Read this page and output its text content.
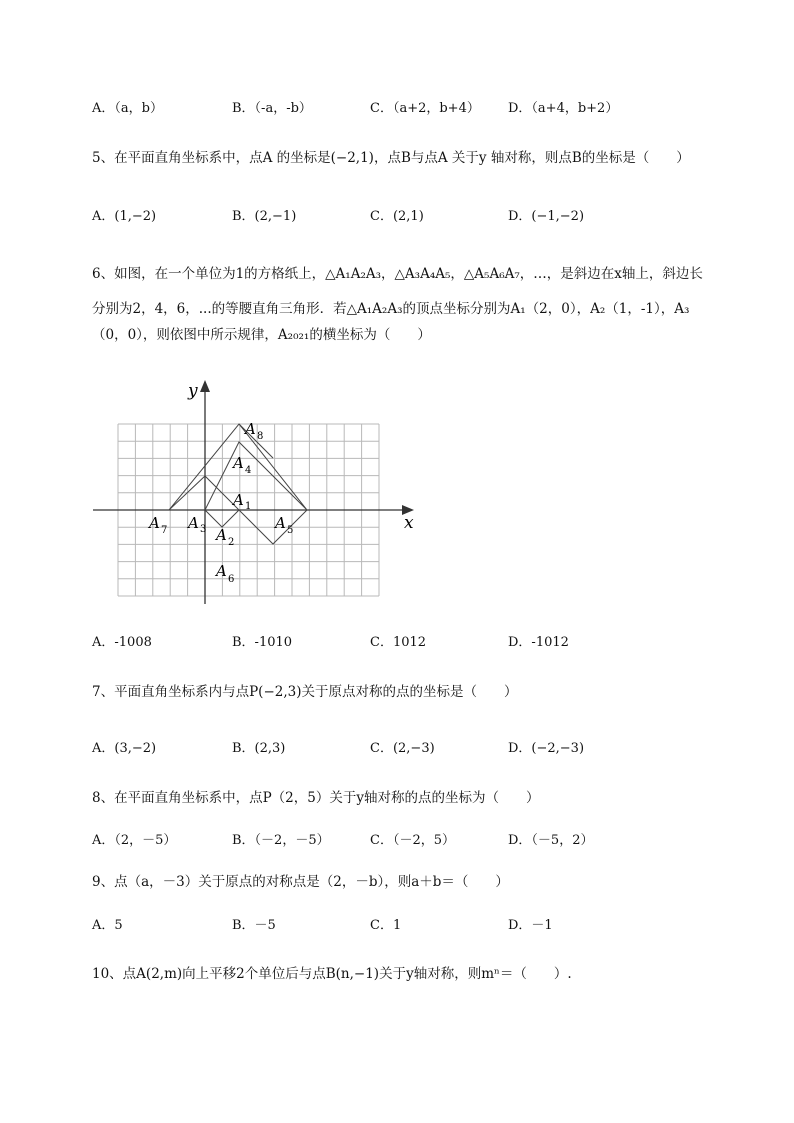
A．（a，b）	B．（-a，-b）	C．（a+2，b+4） D．（a+4，b+2）
5、在平面直角坐标系中，点A 的坐标是(−2,1)，点B与点A 关于y 轴对称，则点B的坐标是（　　）
A．(1,−2)	B．(2,−1)	C．(2,1)	D．(−1,−2)
6、如图，在一个单位为1的方格纸上，△A₁A₂A₃，△A₃A₄A₅，△A₅A₆A₇，…，是斜边在x轴上，斜边长
分别为2，4，6，...的等腰直角三角形．若△A₁A₂A₃的顶点坐标分别为A₁（2，0），A₂（1，-1），A₃
（0，0），则依图中所示规律，A₂₀₂₁的横坐标为（　　）
y
x
A 1
A 2
A 3
A 4
A 5
A 6
A 7
A 8
A．-1008	B．-1010	C．1012	D．-1012
7、平面直角坐标系内与点P(−2,3)关于原点对称的点的坐标是（　　）
A．(3,−2)	B．(2,3)	C．(2,−3)	D．(−2,−3)
8、在平面直角坐标系中，点P（2，5）关于y轴对称的点的坐标为（　　）
A．（2，－5）	B．（－2，－5）	C．（－2，5）	D．（－5，2）
9、点（a，－3）关于原点的对称点是（2，－b），则a＋b＝（　　）
A．5	B．－5	C．1	D．－1
10、点A(2,m)向上平移2个单位后与点B(n,−1)关于y轴对称，则mⁿ＝（　　）.
